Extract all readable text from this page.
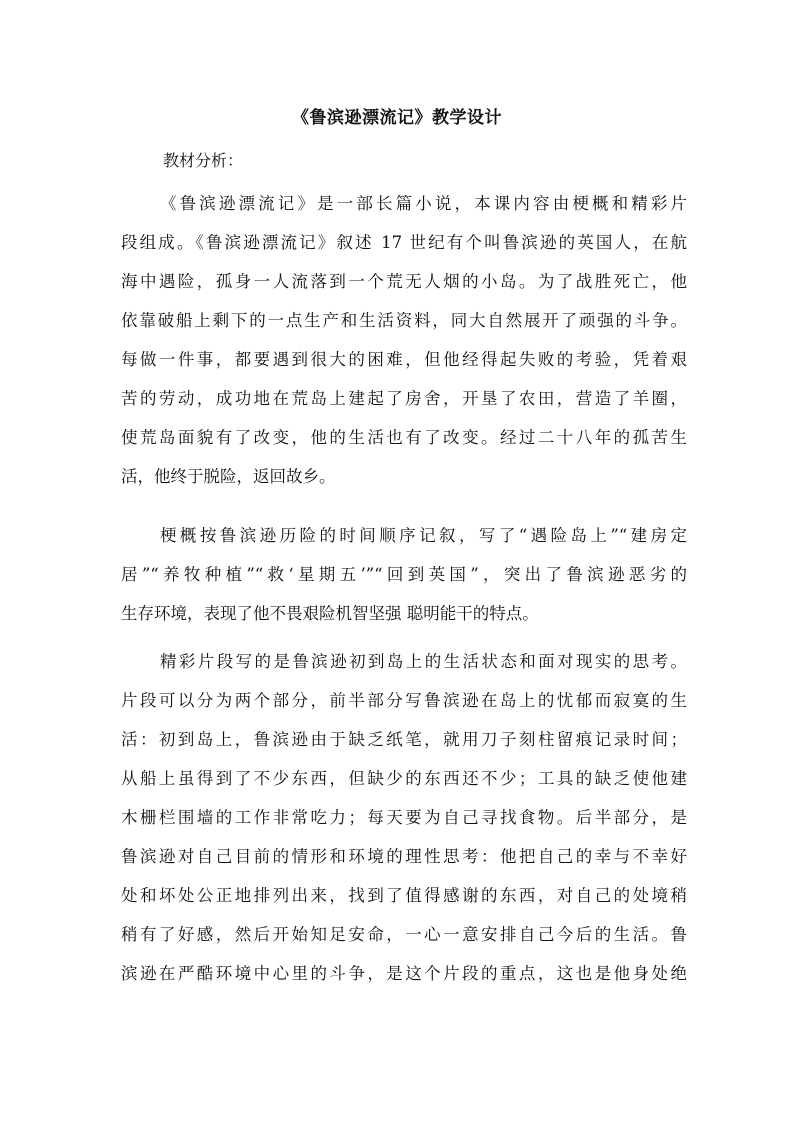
《鲁滨逊漂流记》教学设计
教材分析：
《鲁滨逊漂流记》是一部长篇小说，本课内容由梗概和精彩片
段组成。《鲁滨逊漂流记》叙述 17 世纪有个叫鲁滨逊的英国人，在航
海中遇险，孤身一人流落到一个荒无人烟的小岛。为了战胜死亡，他
依靠破船上剩下的一点生产和生活资料，同大自然展开了顽强的斗争。
每做一件事，都要遇到很大的困难，但他经得起失败的考验，凭着艰
苦的劳动，成功地在荒岛上建起了房舍，开垦了农田，营造了羊圈，
使荒岛面貌有了改变，他的生活也有了改变。经过二十八年的孤苦生
活，他终于脱险，返回故乡。
梗概按鲁滨逊历险的时间顺序记叙，写了“遇险岛上”“建房定
居”“养牧种植”“救‘星期五’”“回到英国”，突出了鲁滨逊恶劣的
生存环境，表现了他不畏艰险机智坚强 聪明能干的特点。
精彩片段写的是鲁滨逊初到岛上的生活状态和面对现实的思考。
片段可以分为两个部分，前半部分写鲁滨逊在岛上的忧郁而寂寞的生
活：初到岛上，鲁滨逊由于缺乏纸笔，就用刀子刻柱留痕记录时间；
从船上虽得到了不少东西，但缺少的东西还不少；工具的缺乏使他建
木栅栏围墙的工作非常吃力；每天要为自己寻找食物。后半部分，是
鲁滨逊对自己目前的情形和环境的理性思考：他把自己的幸与不幸好
处和坏处公正地排列出来，找到了值得感谢的东西，对自己的处境稍
稍有了好感，然后开始知足安命，一心一意安排自己今后的生活。鲁
滨逊在严酷环境中心里的斗争，是这个片段的重点，这也是他身处绝
